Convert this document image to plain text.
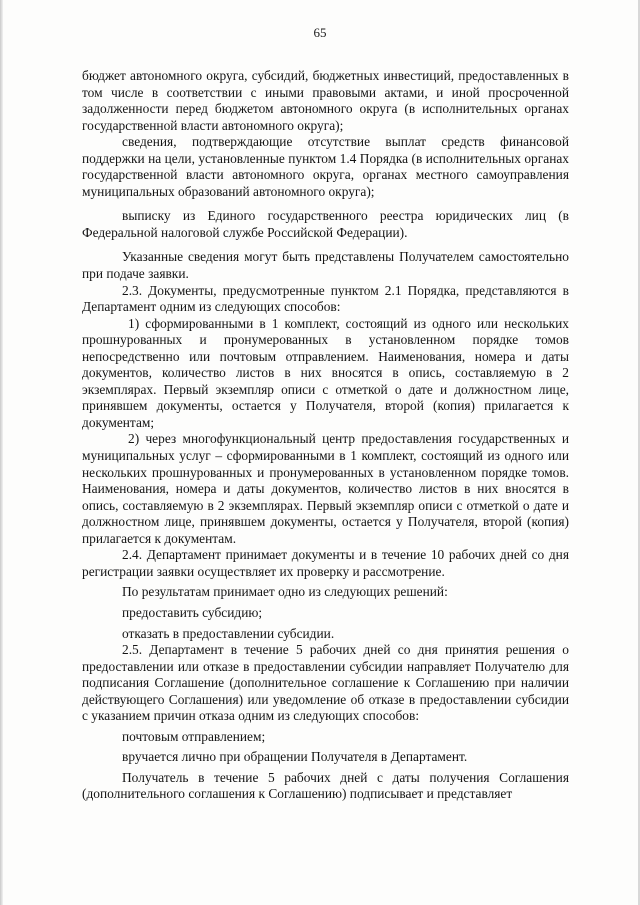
65

бюджет автономного округа, субсидий, бюджетных инвестиций, предоставленных в том числе в соответствии с иными правовыми актами, и иной просроченной задолженности перед бюджетом автономного округа (в исполнительных органах государственной власти автономного округа);

сведения, подтверждающие отсутствие выплат средств финансовой поддержки на цели, установленные пунктом 1.4 Порядка (в исполнительных органах государственной власти автономного округа, органах местного самоуправления муниципальных образований автономного округа);

выписку из Единого государственного реестра юридических лиц (в Федеральной налоговой службе Российской Федерации).

Указанные сведения могут быть представлены Получателем самостоятельно при подаче заявки.

2.3. Документы, предусмотренные пунктом 2.1 Порядка, представляются в Департамент одним из следующих способов:

1) сформированными в 1 комплект, состоящий из одного или нескольких прошнурованных и пронумерованных в установленном порядке томов непосредственно или почтовым отправлением. Наименования, номера и даты документов, количество листов в них вносятся в опись, составляемую в 2 экземплярах. Первый экземпляр описи с отметкой о дате и должностном лице, принявшем документы, остается у Получателя, второй (копия) прилагается к документам;

2) через многофункциональный центр предоставления государственных и муниципальных услуг – сформированными в 1 комплект, состоящий из одного или нескольких прошнурованных и пронумерованных в установленном порядке томов. Наименования, номера и даты документов, количество листов в них вносятся в опись, составляемую в 2 экземплярах. Первый экземпляр описи с отметкой о дате и должностном лице, принявшем документы, остается у Получателя, второй (копия) прилагается к документам.

2.4. Департамент принимает документы и в течение 10 рабочих дней со дня регистрации заявки осуществляет их проверку и рассмотрение.

По результатам принимает одно из следующих решений:

предоставить субсидию;

отказать в предоставлении субсидии.

2.5. Департамент в течение 5 рабочих дней со дня принятия решения о предоставлении или отказе в предоставлении субсидии направляет Получателю для подписания Соглашение (дополнительное соглашение к Соглашению при наличии действующего Соглашения) или уведомление об отказе в предоставлении субсидии с указанием причин отказа одним из следующих способов:

почтовым отправлением;

вручается лично при обращении Получателя в Департамент.

Получатель в течение 5 рабочих дней с даты получения Соглашения (дополнительного соглашения к Соглашению) подписывает и представляет
